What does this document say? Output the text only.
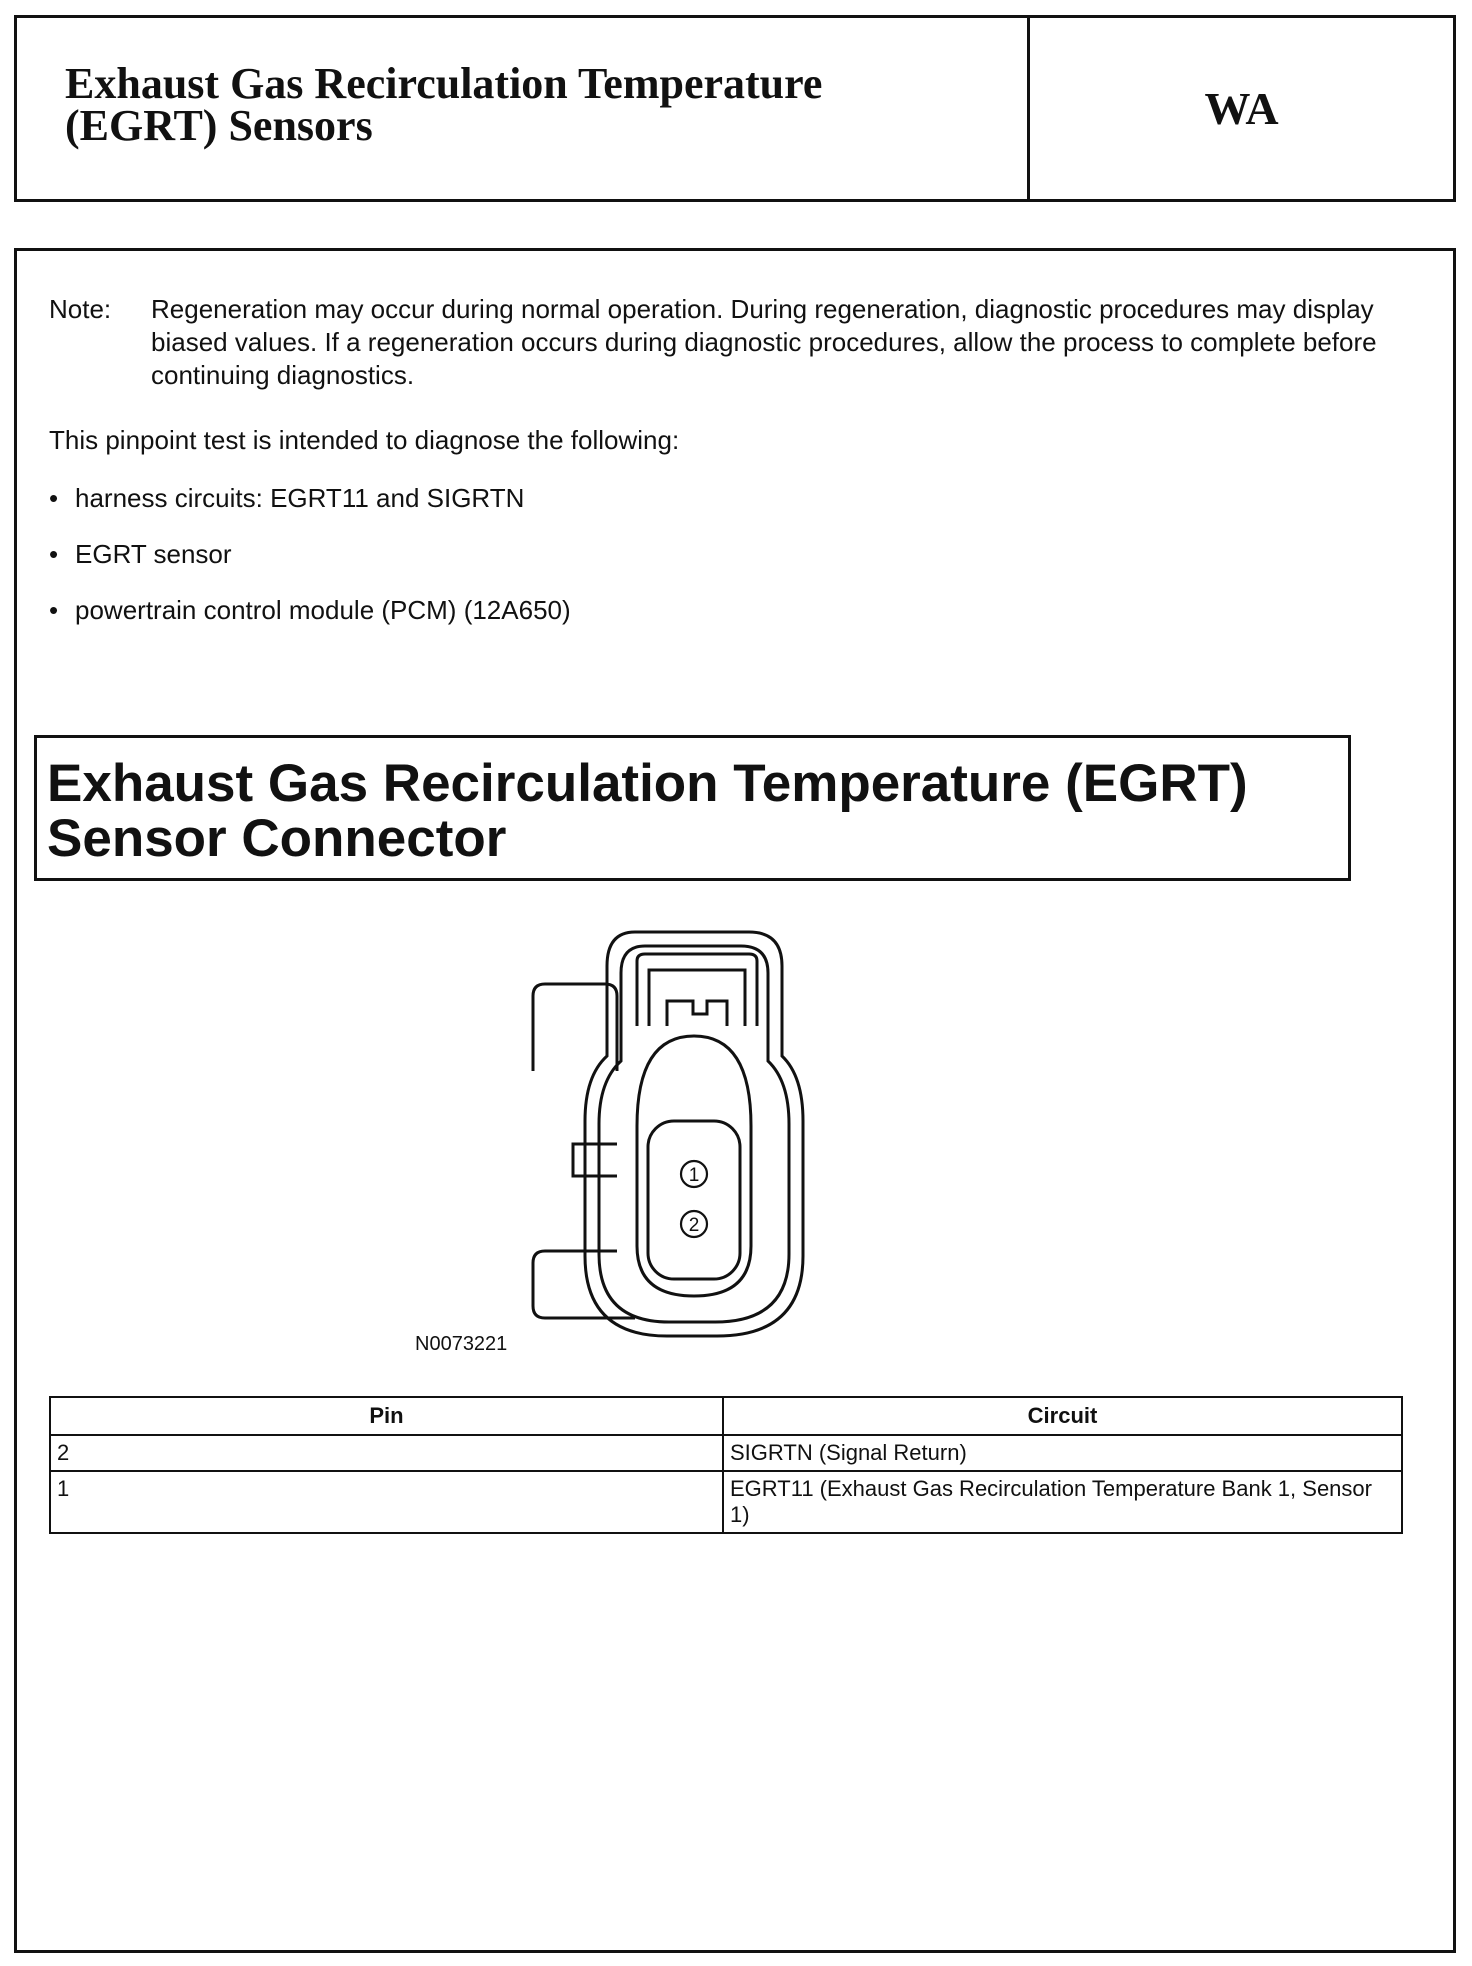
Exhaust Gas Recirculation Temperature
(EGRT) Sensors	WA
Note:	Regeneration may occur during normal operation. During regeneration, diagnostic procedures may display biased values. If a regeneration occurs during diagnostic procedures, allow the process to complete before continuing diagnostics.
This pinpoint test is intended to diagnose the following:
• harness circuits: EGRT11 and SIGRTN
• EGRT sensor
• powertrain control module (PCM) (12A650)
Exhaust Gas Recirculation Temperature (EGRT)
Sensor Connector
1
2
N0073221
Pin	Circuit
2	SIGRTN (Signal Return)
1	EGRT11 (Exhaust Gas Recirculation Temperature Bank 1, Sensor 1)
